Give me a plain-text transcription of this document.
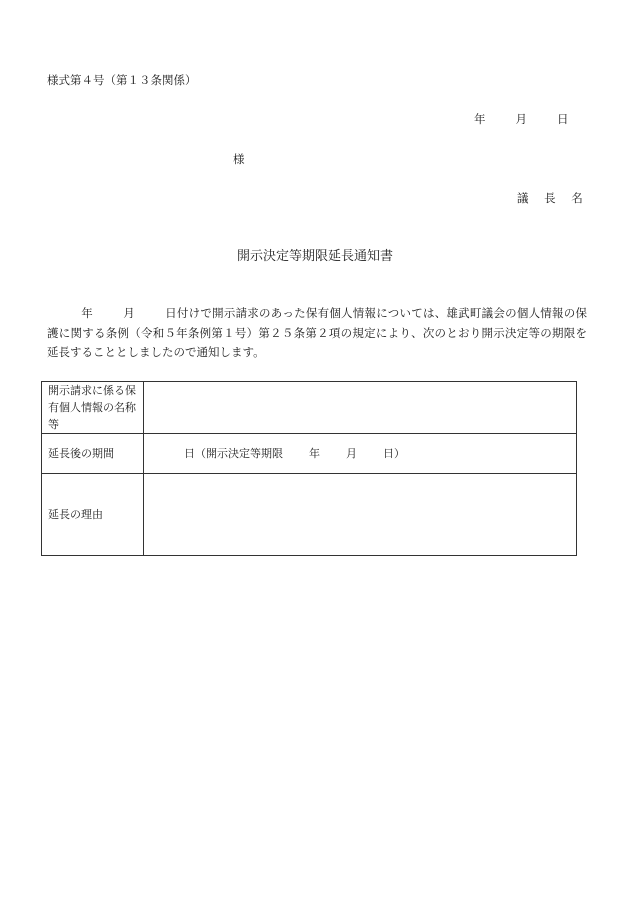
様式第４号（第１３条関係）
年	月	日
様
議 長 名
開示決定等期限延長通知書
年	月	日付けで開示請求のあった保有個人情報については、雄武町議会の個人情報の保護に関する条例（令和５年条例第１号）第２５条第２項の規定により、次のとおり開示決定等の期限を延長することとしましたので通知します。
開示請求に係る保有個人情報の名称等	
延長後の期間	日（開示決定等期限 年 月 日）
延長の理由	
